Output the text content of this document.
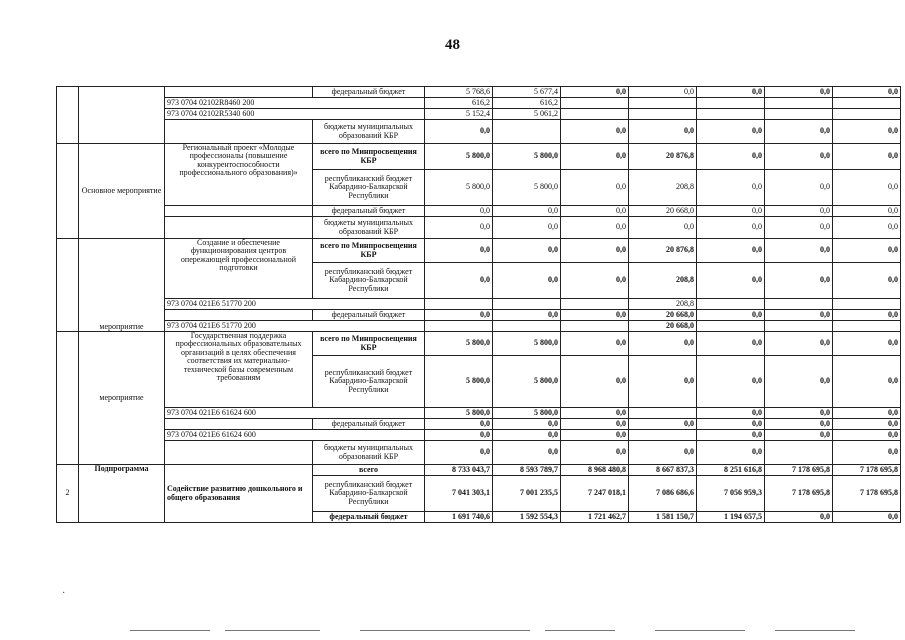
48
			федеральный бюджет	5 768,6	5 677,4	0,0	0,0	0,0	0,0	0,0
		973 0704 02102R8460 200		616,2	616,2					
		973 0704 02102R5340 600		5 152,4	5 061,2					
			бюджеты муниципальных образований КБР	0,0		0,0	0,0	0,0	0,0	0,0
	Основное мероприятие	Региональный проект «Молодые профессионалы (повышение конкурентоспособности профессионального образования)»	всего по Минпросвещения КБР	5 800,0	5 800,0	0,0	20 876,8	0,0	0,0	0,0
			республиканский бюджет Кабардино-Балкарской Республики	5 800,0	5 800,0	0,0	208,8	0,0	0,0	0,0
			федеральный бюджет	0,0	0,0	0,0	20 668,0	0,0	0,0	0,0
			бюджеты муниципальных образований КБР	0,0	0,0	0,0	0,0	0,0	0,0	0,0
	мероприятие	Создание и обеспечение функционирования центров опережающей профессиональной подготовки	всего по Минпросвещения КБР	0,0	0,0	0,0	20 876,8	0,0	0,0	0,0
			республиканский бюджет Кабардино-Балкарской Республики	0,0	0,0	0,0	208,8	0,0	0,0	0,0
		973 0704 021E6 51770 200					208,8			
			федеральный бюджет	0,0	0,0	0,0	20 668,0	0,0	0,0	0,0
		973 0704 021E6 51770 200					20 668,0			
	мероприятие	Государственная поддержка профессиональных образовательных организаций в целях обеспечения соответствия их материально-технической базы современным требованиям	всего по Минпросвещения КБР	5 800,0	5 800,0	0,0	0,0	0,0	0,0	0,0
			республиканский бюджет Кабардино-Балкарской Республики	5 800,0	5 800,0	0,0	0,0	0,0	0,0	0,0
		973 0704 021E6 61624 600		5 800,0	5 800,0	0,0		0,0	0,0	0,0
			федеральный бюджет	0,0	0,0	0,0	0,0	0,0	0,0	0,0
		973 0704 021E6 61624 600		0,0	0,0	0,0		0,0	0,0	0,0
			бюджеты муниципальных образований КБР	0,0	0,0	0,0	0,0	0,0		0,0
2	Подпрограмма	Содействие развитию дошкольного и общего образования	всего	8 733 043,7	8 593 789,7	8 968 480,8	8 667 837,3	8 251 616,8	7 178 695,8	7 178 695,8
			республиканский бюджет Кабардино-Балкарской Республики	7 041 303,1	7 001 235,5	7 247 018,1	7 086 686,6	7 056 959,3	7 178 695,8	7 178 695,8
			федеральный бюджет	1 691 740,6	1 592 554,3	1 721 462,7	1 581 150,7	1 194 657,5	0,0	0,0
·
